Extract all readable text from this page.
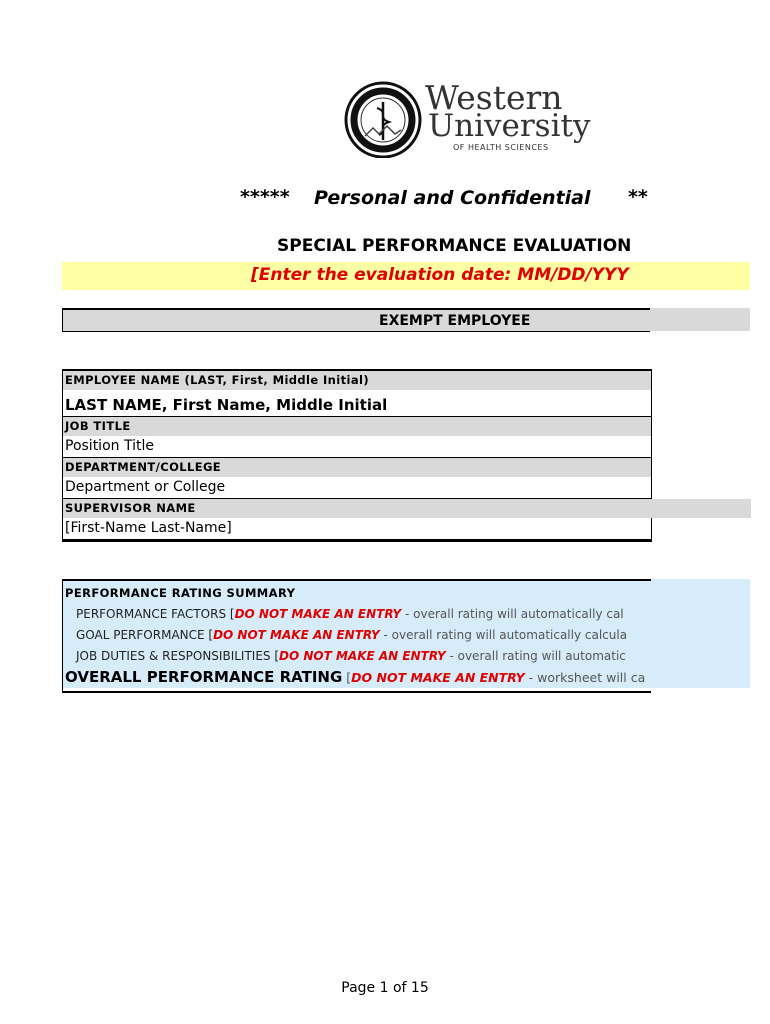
Western
University
OF HEALTH SCIENCES
***** Personal and Confidential **
SPECIAL PERFORMANCE EVALUATION
[Enter the evaluation date: MM/DD/YYY
EXEMPT EMPLOYEE
EMPLOYEE NAME (LAST, First, Middle Initial)
LAST NAME, First Name, Middle Initial
JOB TITLE
Position Title
DEPARTMENT/COLLEGE
Department or College
SUPERVISOR NAME
[First-Name Last-Name]
PERFORMANCE RATING SUMMARY
PERFORMANCE FACTORS [DO NOT MAKE AN ENTRY - overall rating will automatically cal
GOAL PERFORMANCE [DO NOT MAKE AN ENTRY - overall rating will automatically calcula
JOB DUTIES & RESPONSIBILITIES [DO NOT MAKE AN ENTRY - overall rating will automatic
OVERALL PERFORMANCE RATING [DO NOT MAKE AN ENTRY - worksheet will ca
Page 1 of 15
